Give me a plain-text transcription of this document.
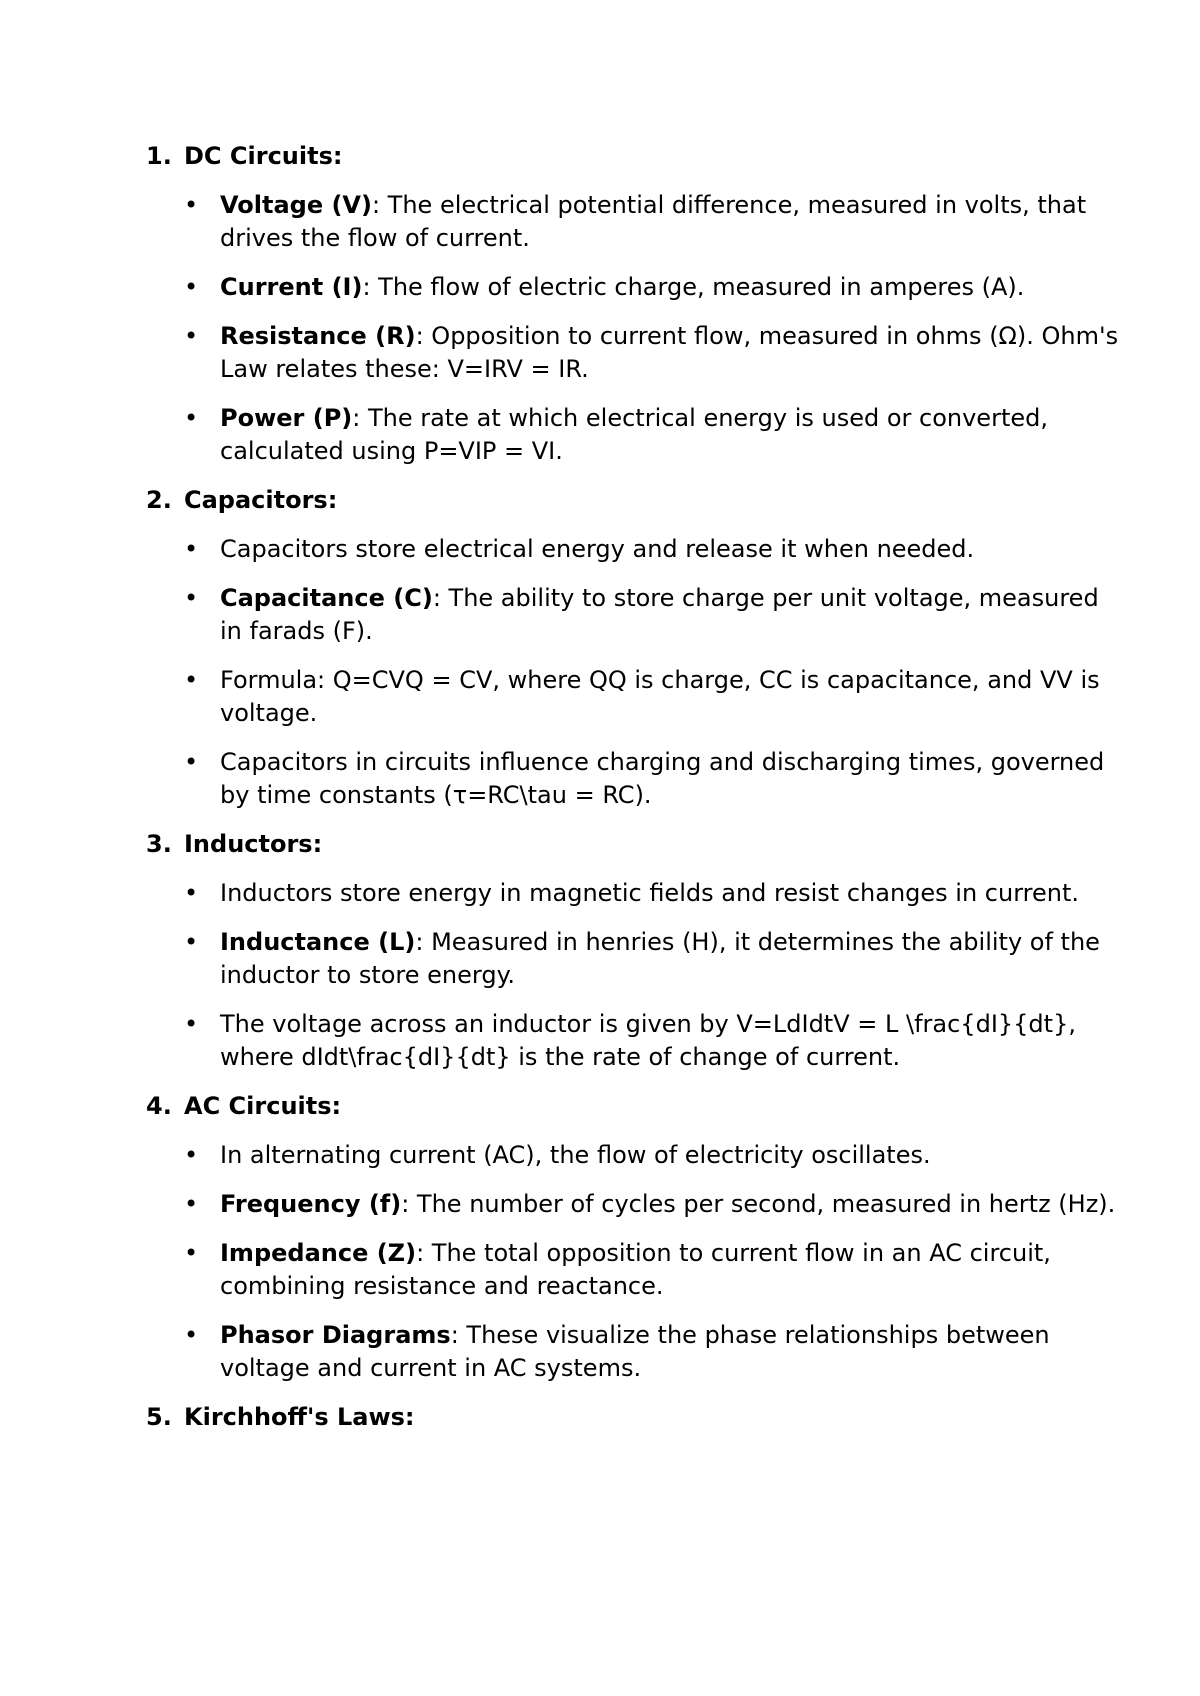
1. DC Circuits:
• Voltage (V): The electrical potential difference, measured in volts, that drives the flow of current.
• Current (I): The flow of electric charge, measured in amperes (A).
• Resistance (R): Opposition to current flow, measured in ohms (Ω). Ohm's Law relates these: V=IRV = IR.
• Power (P): The rate at which electrical energy is used or converted, calculated using P=VIP = VI.
2. Capacitors:
• Capacitors store electrical energy and release it when needed.
• Capacitance (C): The ability to store charge per unit voltage, measured in farads (F).
• Formula: Q=CVQ = CV, where QQ is charge, CC is capacitance, and VV is voltage.
• Capacitors in circuits influence charging and discharging times, governed by time constants (τ=RC\tau = RC).
3. Inductors:
• Inductors store energy in magnetic fields and resist changes in current.
• Inductance (L): Measured in henries (H), it determines the ability of the inductor to store energy.
• The voltage across an inductor is given by V=LdIdtV = L \frac{dI}{dt}, where dIdt\frac{dI}{dt} is the rate of change of current.
4. AC Circuits:
• In alternating current (AC), the flow of electricity oscillates.
• Frequency (f): The number of cycles per second, measured in hertz (Hz).
• Impedance (Z): The total opposition to current flow in an AC circuit, combining resistance and reactance.
• Phasor Diagrams: These visualize the phase relationships between voltage and current in AC systems.
5. Kirchhoff's Laws:
